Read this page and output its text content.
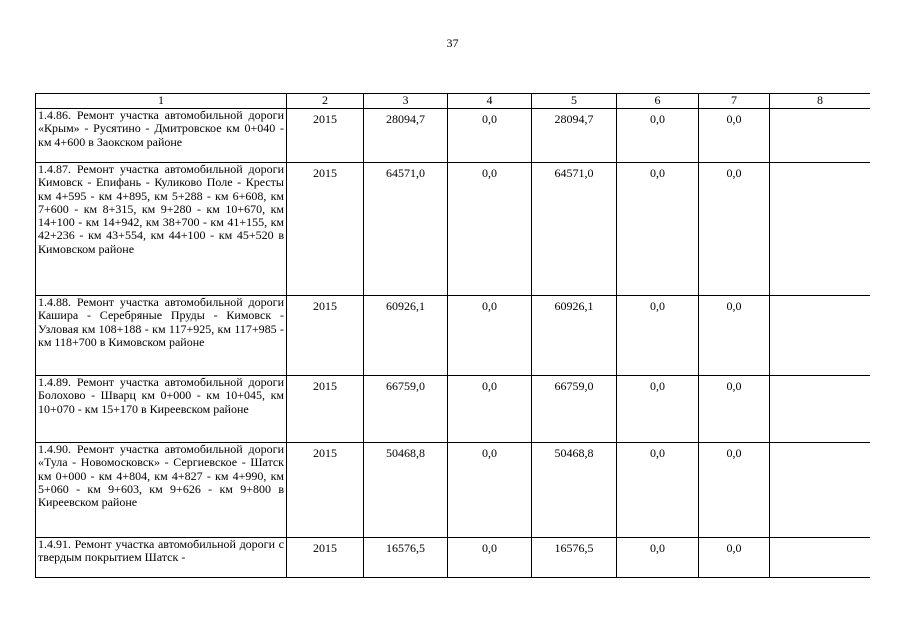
37
1	2	3	4	5	6	7	8
1.4.86. Ремонт участка автомобильной дороги «Крым» - Русятино - Дмитровское км 0+040 - км 4+600 в Заокском районе	2015	28094,7	0,0	28094,7	0,0	0,0	
1.4.87. Ремонт участка автомобильной дороги Кимовск - Епифань - Куликово Поле - Кресты км 4+595 - км 4+895, км 5+288 - км 6+608, км 7+600 - км 8+315, км 9+280 - км 10+670, км 14+100 - км 14+942, км 38+700 - км 41+155, км 42+236 - км 43+554, км 44+100 - км 45+520 в Кимовском районе	2015	64571,0	0,0	64571,0	0,0	0,0	
1.4.88. Ремонт участка автомобильной дороги Кашира - Серебряные Пруды - Кимовск - Узловая км 108+188 - км 117+925, км 117+985 - км 118+700 в Кимовском районе	2015	60926,1	0,0	60926,1	0,0	0,0	
1.4.89. Ремонт участка автомобильной дороги Болохово - Шварц км 0+000 - км 10+045, км 10+070 - км 15+170 в Киреевском районе	2015	66759,0	0,0	66759,0	0,0	0,0	
1.4.90. Ремонт участка автомобильной дороги «Тула - Новомосковск» - Сергиевское - Шатск км 0+000 - км 4+804, км 4+827 - км 4+990, км 5+060 - км 9+603, км 9+626 - км 9+800 в Киреевском районе	2015	50468,8	0,0	50468,8	0,0	0,0	
1.4.91. Ремонт участка автомобильной дороги с твердым покрытием Шатск -	2015	16576,5	0,0	16576,5	0,0	0,0	
